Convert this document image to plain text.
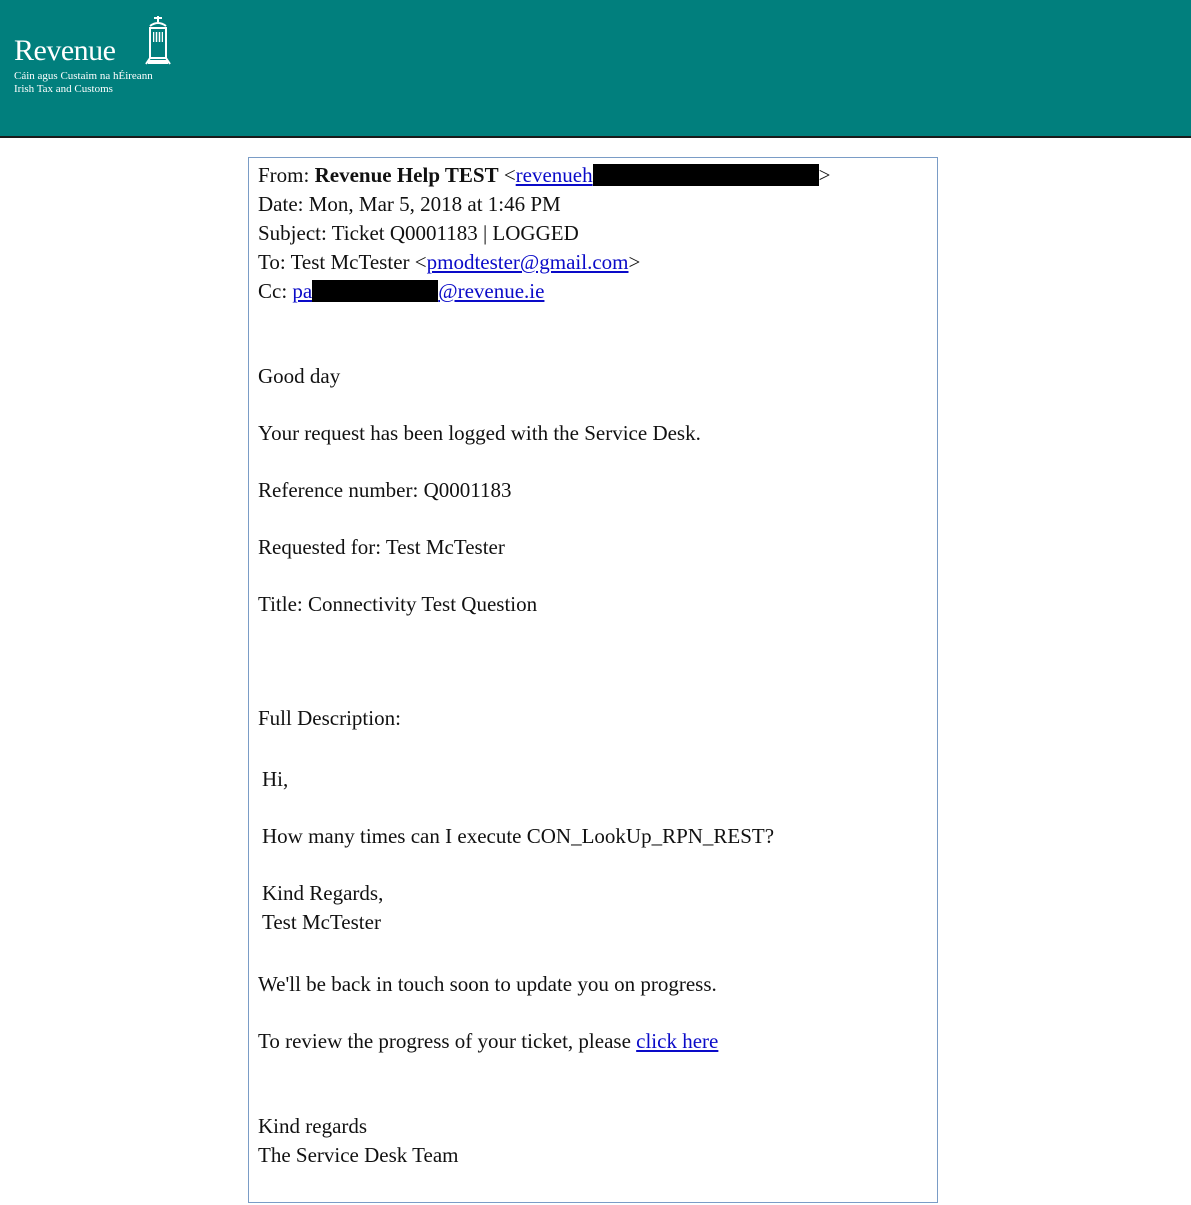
Revenue
Cáin agus Custaim na hÉireann
Irish Tax and Customs
From: Revenue Help TEST <revenueh	>
Date: Mon, Mar 5, 2018 at 1:46 PM
Subject: Ticket Q0001183 | LOGGED
To: Test McTester <pmodtester@gmail.com>
Cc: pa	@revenue.ie
Good day
Your request has been logged with the Service Desk.
Reference number: Q0001183
Requested for: Test McTester
Title: Connectivity Test Question
Full Description:
Hi,
How many times can I execute CON_LookUp_RPN_REST?
Kind Regards,
Test McTester
We'll be back in touch soon to update you on progress.
To review the progress of your ticket, please click here
Kind regards
The Service Desk Team
